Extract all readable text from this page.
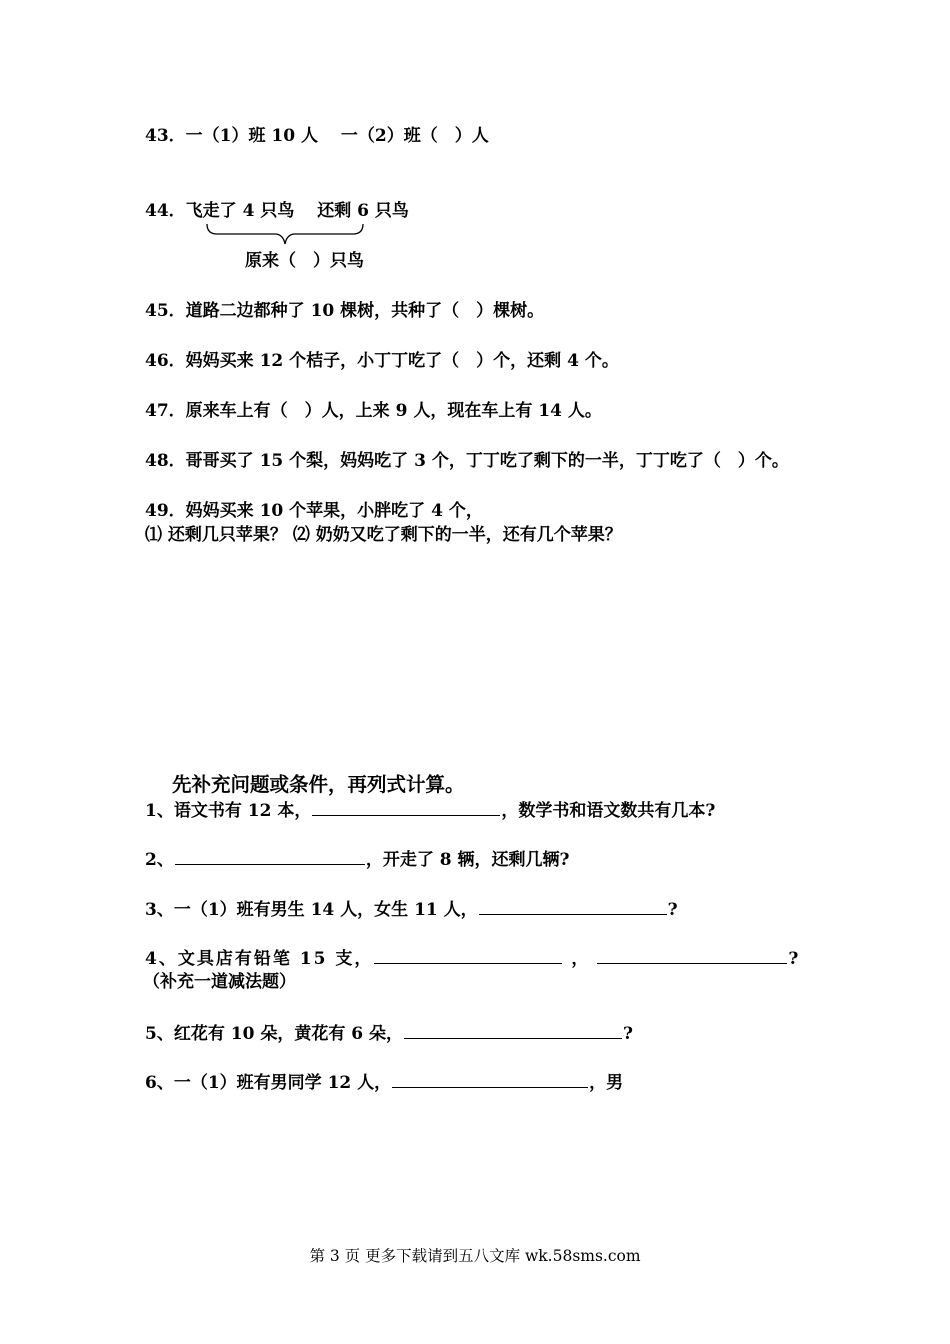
43．一（1）班 10 人　 一（2）班（　）人
44．飞走了 4 只鸟　 还剩 6 只鸟
原来（　）只鸟
45．道路二边都种了 10 棵树，共种了（　）棵树。
46．妈妈买来 12 个桔子，小丁丁吃了（　）个，还剩 4 个。
47．原来车上有（　）人，上来 9 人，现在车上有 14 人。
48．哥哥买了 15 个梨，妈妈吃了 3 个，丁丁吃了剩下的一半，丁丁吃了（　）个。
49．妈妈买来 10 个苹果，小胖吃了 4 个，
⑴ 还剩几只苹果？ ⑵ 奶奶又吃了剩下的一半，还有几个苹果？
先补充问题或条件，再列式计算。
1、语文书有 12 本，	，数学书和语文数共有几本?
2、	，开走了 8 辆，还剩几辆?
3、一（1）班有男生 14 人，女生 11 人，	?
4、文具店有铅笔 15 支，	，	?
（补充一道减法题）
5、红花有 10 朵，黄花有 6 朵，	?
6、一（1）班有男同学 12 人，	，男
第 3 页 更多下载请到五八文库 wk.58sms.com
